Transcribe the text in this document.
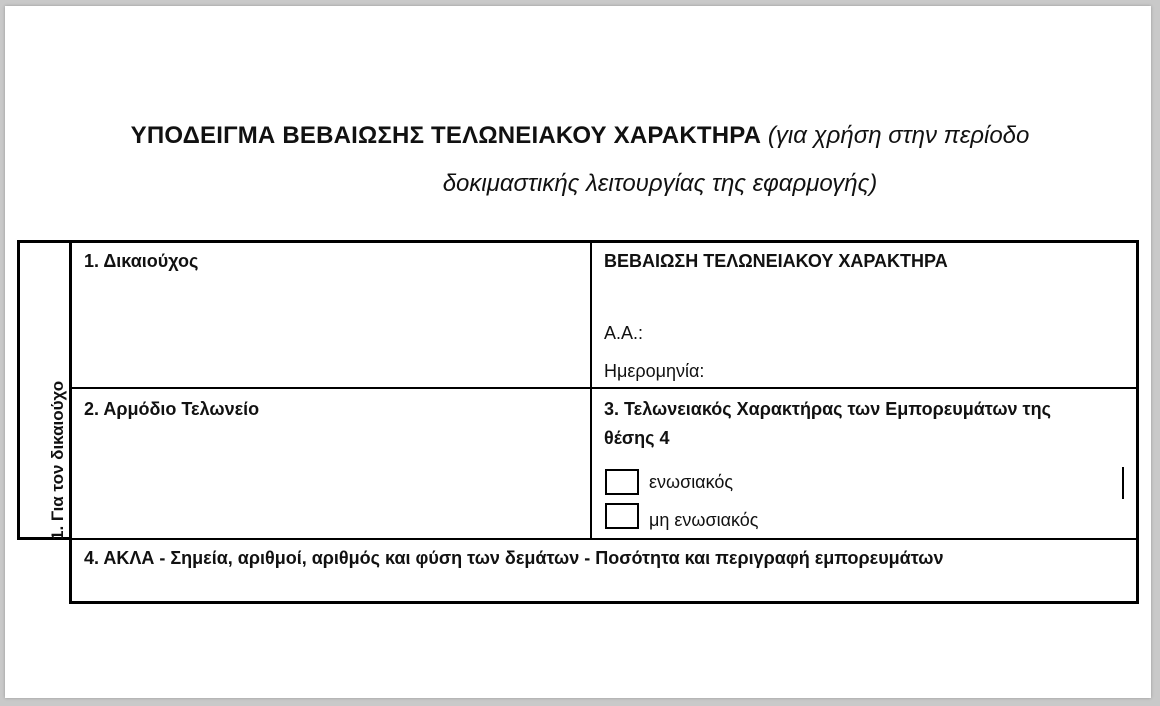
ΥΠΟΔΕΙΓΜΑ ΒΕΒΑΙΩΣΗΣ ΤΕΛΩΝΕΙΑΚΟΥ ΧΑΡΑΚΤΗΡΑ (για χρήση στην περίοδο
δοκιμαστικής λειτουργίας της εφαρμογής)
1. Για τον δικαιούχο
1. Δικαιούχος	ΒΕΒΑΙΩΣΗ ΤΕΛΩΝΕΙΑΚΟΥ ΧΑΡΑΚΤΗΡΑ
Α.Α.:
Ημερομηνία:
2. Αρμόδιο Τελωνείο	3. Τελωνειακός Χαρακτήρας των Εμπορευμάτων της
θέσης 4
ενωσιακός
μη ενωσιακός
4. ΑΚΛΑ - Σημεία, αριθμοί, αριθμός και φύση των δεμάτων - Ποσότητα και περιγραφή εμπορευμάτων
